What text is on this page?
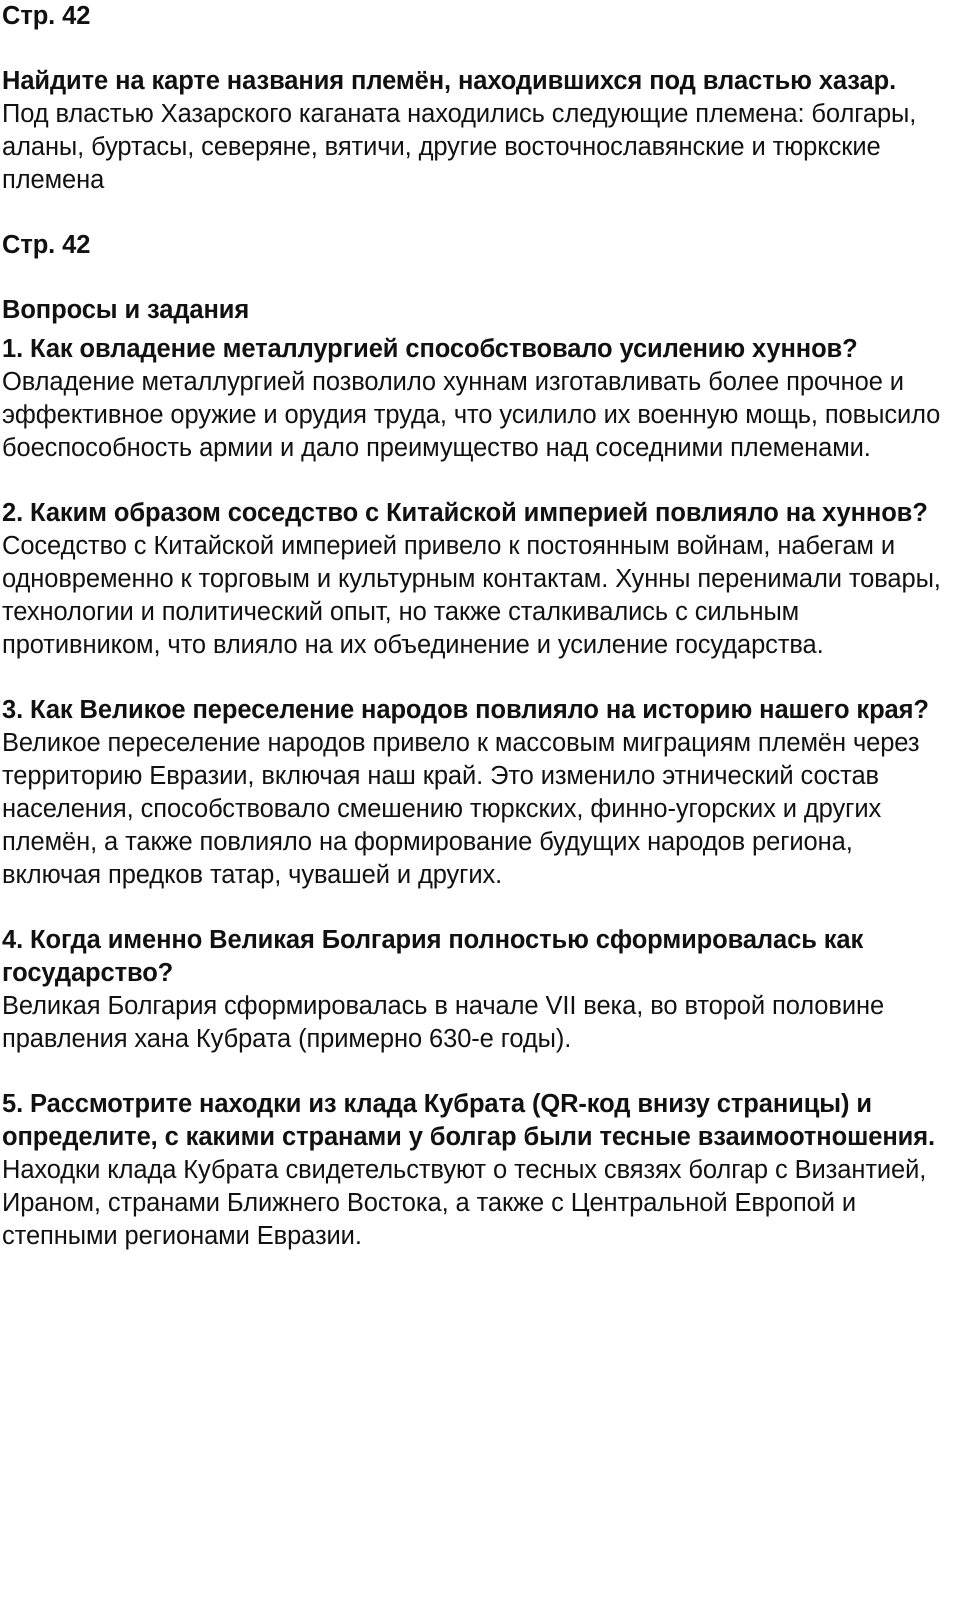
Стр. 42
Найдите на карте названия племён, находившихся под властью хазар.
Под властью Хазарского каганата находились следующие племена: болгары, аланы, буртасы, северяне, вятичи, другие восточнославянские и тюркские племена
Стр. 42
Вопросы и задания
1. Как овладение металлургией способствовало усилению хуннов?
Овладение металлургией позволило хуннам изготавливать более прочное и эффективное оружие и орудия труда, что усилило их военную мощь, повысило боеспособность армии и дало преимущество над соседними племенами.
2. Каким образом соседство с Китайской империей повлияло на хуннов?
Соседство с Китайской империей привело к постоянным войнам, набегам и одновременно к торговым и культурным контактам. Хунны перенимали товары, технологии и политический опыт, но также сталкивались с сильным противником, что влияло на их объединение и усиление государства.
3. Как Великое переселение народов повлияло на историю нашего края?
Великое переселение народов привело к массовым миграциям племён через территорию Евразии, включая наш край. Это изменило этнический состав населения, способствовало смешению тюркских, финно-угорских и других племён, а также повлияло на формирование будущих народов региона, включая предков татар, чувашей и других.
4. Когда именно Великая Болгария полностью сформировалась как государство?
Великая Болгария сформировалась в начале VII века, во второй половине правления хана Кубрата (примерно 630-е годы).
5. Рассмотрите находки из клада Кубрата (QR-код внизу страницы) и определите, с какими странами у болгар были тесные взаимоотношения.
Находки клада Кубрата свидетельствуют о тесных связях болгар с Византией, Ираном, странами Ближнего Востока, а также с Центральной Европой и степными регионами Евразии.
